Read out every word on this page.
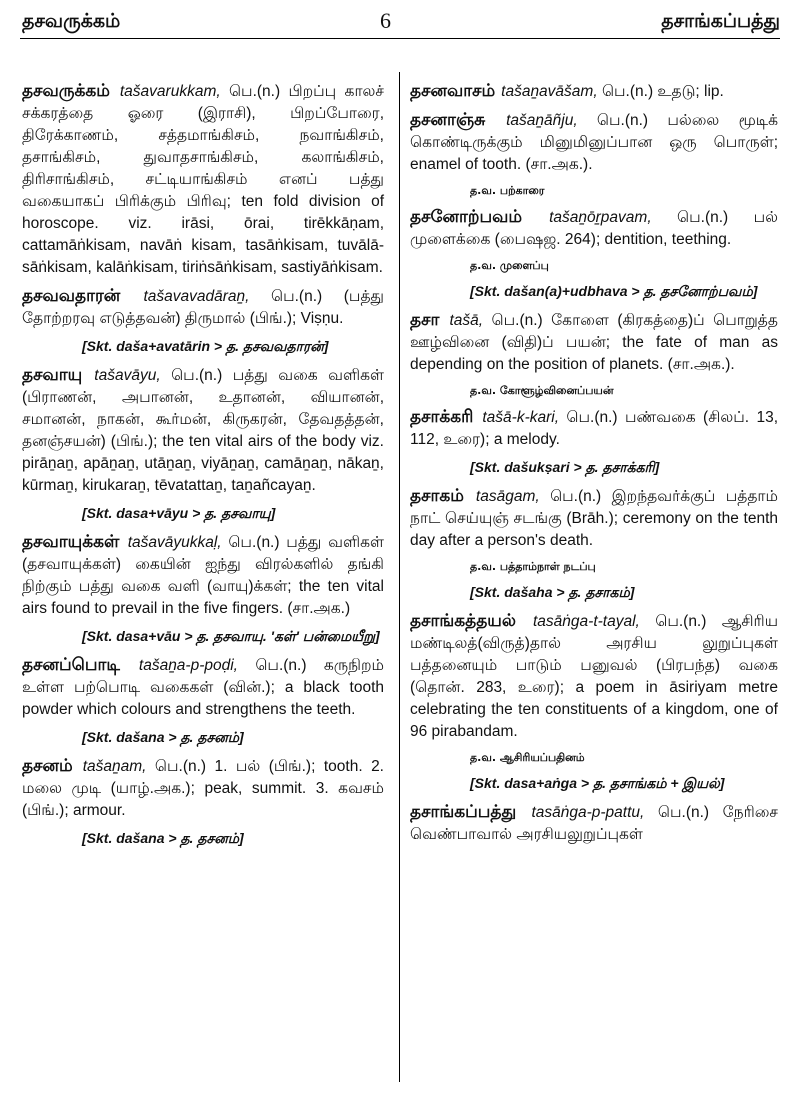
தசவருக்கம்	6	தசாங்கப்பத்து
தசவருக்கம் tašavarukkam, பெ.(n.) பிறப்பு காலச் சக்கரத்தை ஓரை (இராசி), பிறப்போரை, திரேக்காணம், சத்தமாங்கிசம், நவாங்கிசம், தசாங்கிசம், துவாதசாங்கிசம், கலாங்கிசம், திரிசாங்கிசம், சட்டியாங்கிசம் எனப் பத்து வகையாகப் பிரிக்கும் பிரிவு; ten fold division of horoscope. viz. irāsi, ōrai, tirēkkāṇam, cattamāṅkisam, navāṅ kisam, tasāṅkisam, tuvālā-sāṅkisam, kalāṅkisam, tiriṅsāṅkisam, sastiyāṅkisam.
தசவவதாரன் tašavavadāraṉ, பெ.(n.) (பத்து தோற்றரவு எடுத்தவன்) திருமால் (பிங்.); Viṣṇu.
[Skt. daša+avatārin > த. தசவவதாரன்]
தசவாயு tašavāyu, பெ.(n.) பத்து வகை வளிகள் (பிராணன், அபானன், உதானன், வியானன், சமானன், நாகன், கூர்மன், கிருகரன், தேவதத்தன், தனஞ்சயன்) (பிங்.); the ten vital airs of the body viz. pirāṉaṉ, apāṉaṉ, utāṉaṉ, viyāṉaṉ, camāṉaṉ, nākaṉ, kūrmaṉ, kirukaraṉ, tēvatattaṉ, taṉañcayaṉ.
[Skt. dasa+vāyu > த. தசவாயு]
தசவாயுக்கள் tašavāyukkaḷ, பெ.(n.) பத்து வளிகள் (தசவாயுக்கள்) கையின் ஐந்து விரல்களில் தங்கி நிற்கும் பத்து வகை வளி (வாயு)க்கள்; the ten vital airs found to prevail in the five fingers. (சா.அக.)
[Skt. dasa+vāu > த. தசவாயு. 'கள்' பன்மையீறு]
தசனப்பொடி tašaṉa-p-poḍi, பெ.(n.) கருநிறம் உள்ள பற்பொடி வகைகள் (வின்.); a black tooth powder which colours and strengthens the teeth.
[Skt. dašana > த. தசனம்]
தசனம் tašaṉam, பெ.(n.) 1. பல் (பிங்.); tooth. 2. மலை முடி (யாழ்.அக.); peak, summit. 3. கவசம் (பிங்.); armour.
[Skt. dašana > த. தசனம்]
தசனவாசம் tašaṉavāšam, பெ.(n.) உதடு; lip.
தசனாஞ்சு tašaṉāñju, பெ.(n.) பல்லை மூடிக் கொண்டிருக்கும் மினுமினுப்பான ஒரு பொருள்; enamel of tooth. (சா.அக.).
த.வ. பற்காரை
தசனோற்பவம் tašaṉōṟpavam, பெ.(n.) பல் முளைக்கை (பைஷஜ. 264); dentition, teething.
த.வ. முளைப்பு
[Skt. dašan(a)+udbhava > த. தசனோற்பவம்]
தசா tašā, பெ.(n.) கோளை (கிரகத்தை)ப் பொறுத்த ஊழ்வினை (விதி)ப் பயன்; the fate of man as depending on the position of planets. (சா.அக.).
த.வ. கோளூழ்வினைப்பயன்
தசாக்கரி tašā-k-kari, பெ.(n.) பண்வகை (சிலப். 13, 112, உரை); a melody.
[Skt. dašukṣari > த. தசாக்கரி]
தசாகம் tasāgam, பெ.(n.) இறந்தவர்க்குப் பத்தாம் நாட் செய்யுஞ் சடங்கு (Brāh.); ceremony on the tenth day after a person's death.
த.வ. பத்தாம்நாள் நடப்பு
[Skt. dašaha > த. தசாகம்]
தசாங்கத்தயல் tasāṅga-t-tayal, பெ.(n.) ஆசிரிய மண்டிலத்(விருத்)தால் அரசிய லுறுப்புகள் பத்தனையும் பாடும் பனுவல் (பிரபந்த) வகை (தொன். 283, உரை); a poem in āsiriyam metre celebrating the ten constituents of a kingdom, one of 96 pirabandam.
த.வ. ஆசிரியப்பதினம்
[Skt. dasa+aṅga > த. தசாங்கம் + இயல்]
தசாங்கப்பத்து tasāṅga-p-pattu, பெ.(n.) நேரிசை வெண்பாவால் அரசியலுறுப்புகள்
